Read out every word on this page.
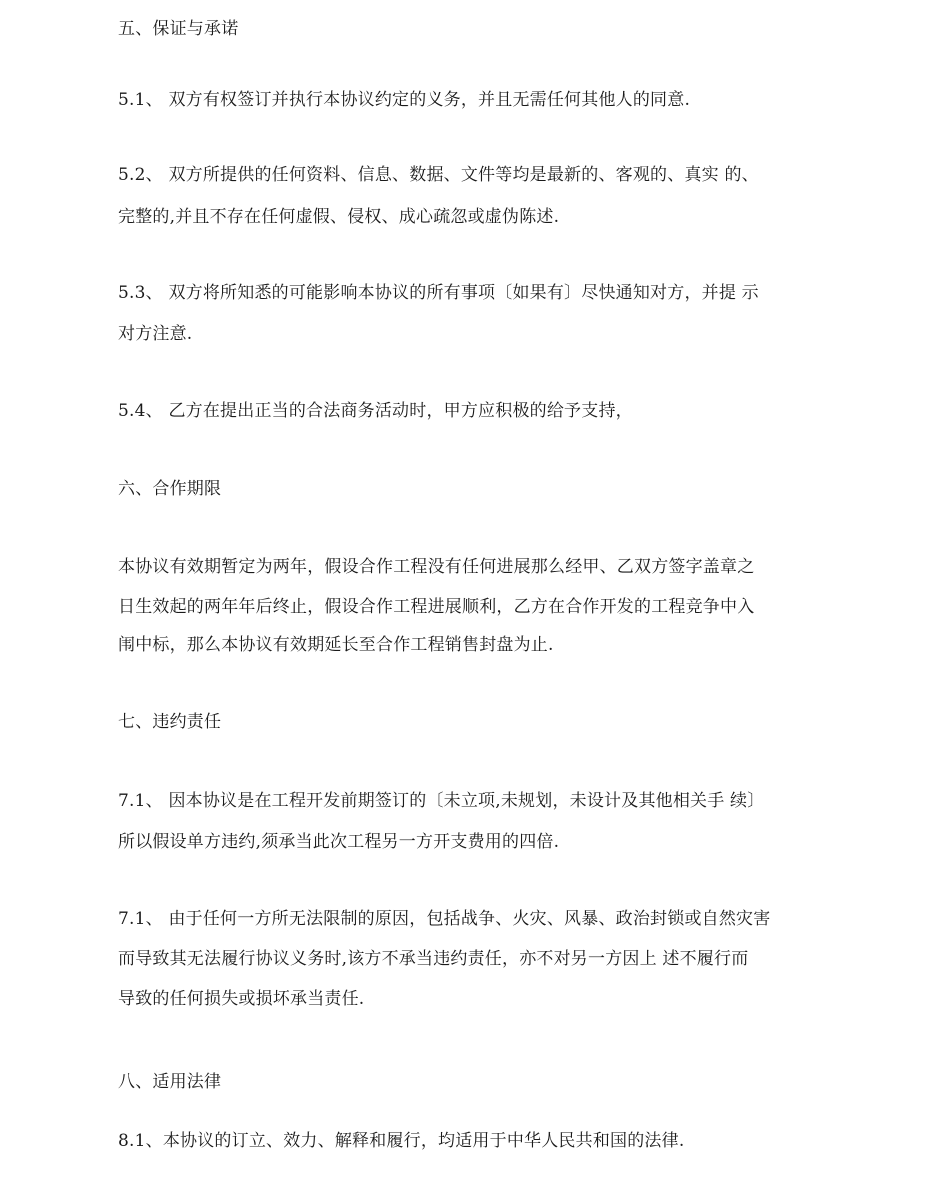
五、保证与承诺
5.1、 双方有权签订并执行本协议约定的义务，并且无需任何其他人的同意.
5.2、 双方所提供的任何资料、信息、数据、文件等均是最新的、客观的、真实 的、
完整的,并且不存在任何虚假、侵权、成心疏忽或虚伪陈述.
5.3、 双方将所知悉的可能影响本协议的所有事项〔如果有〕尽快通知对方，并提 示
对方注意.
5.4、 乙方在提出正当的合法商务活动时，甲方应积极的给予支持，
六、合作期限
本协议有效期暂定为两年，假设合作工程没有任何进展那么经甲、乙双方签字盖章之
日生效起的两年年后终止，假设合作工程进展顺利，乙方在合作开发的工程竞争中入
闱中标，那么本协议有效期延长至合作工程销售封盘为止.
七、违约责任
7.1、 因本协议是在工程开发前期签订的〔未立项,未规划，未设计及其他相关手 续〕
所以假设单方违约,须承当此次工程另一方开支费用的四倍.
7.1、 由于任何一方所无法限制的原因，包括战争、火灾、风暴、政治封锁或自然灾害
而导致其无法履行协议义务时,该方不承当违约责任，亦不对另一方因上 述不履行而
导致的任何损失或损坏承当责任.
八、适用法律
8.1、本协议的订立、效力、解释和履行，均适用于中华人民共和国的法律.
